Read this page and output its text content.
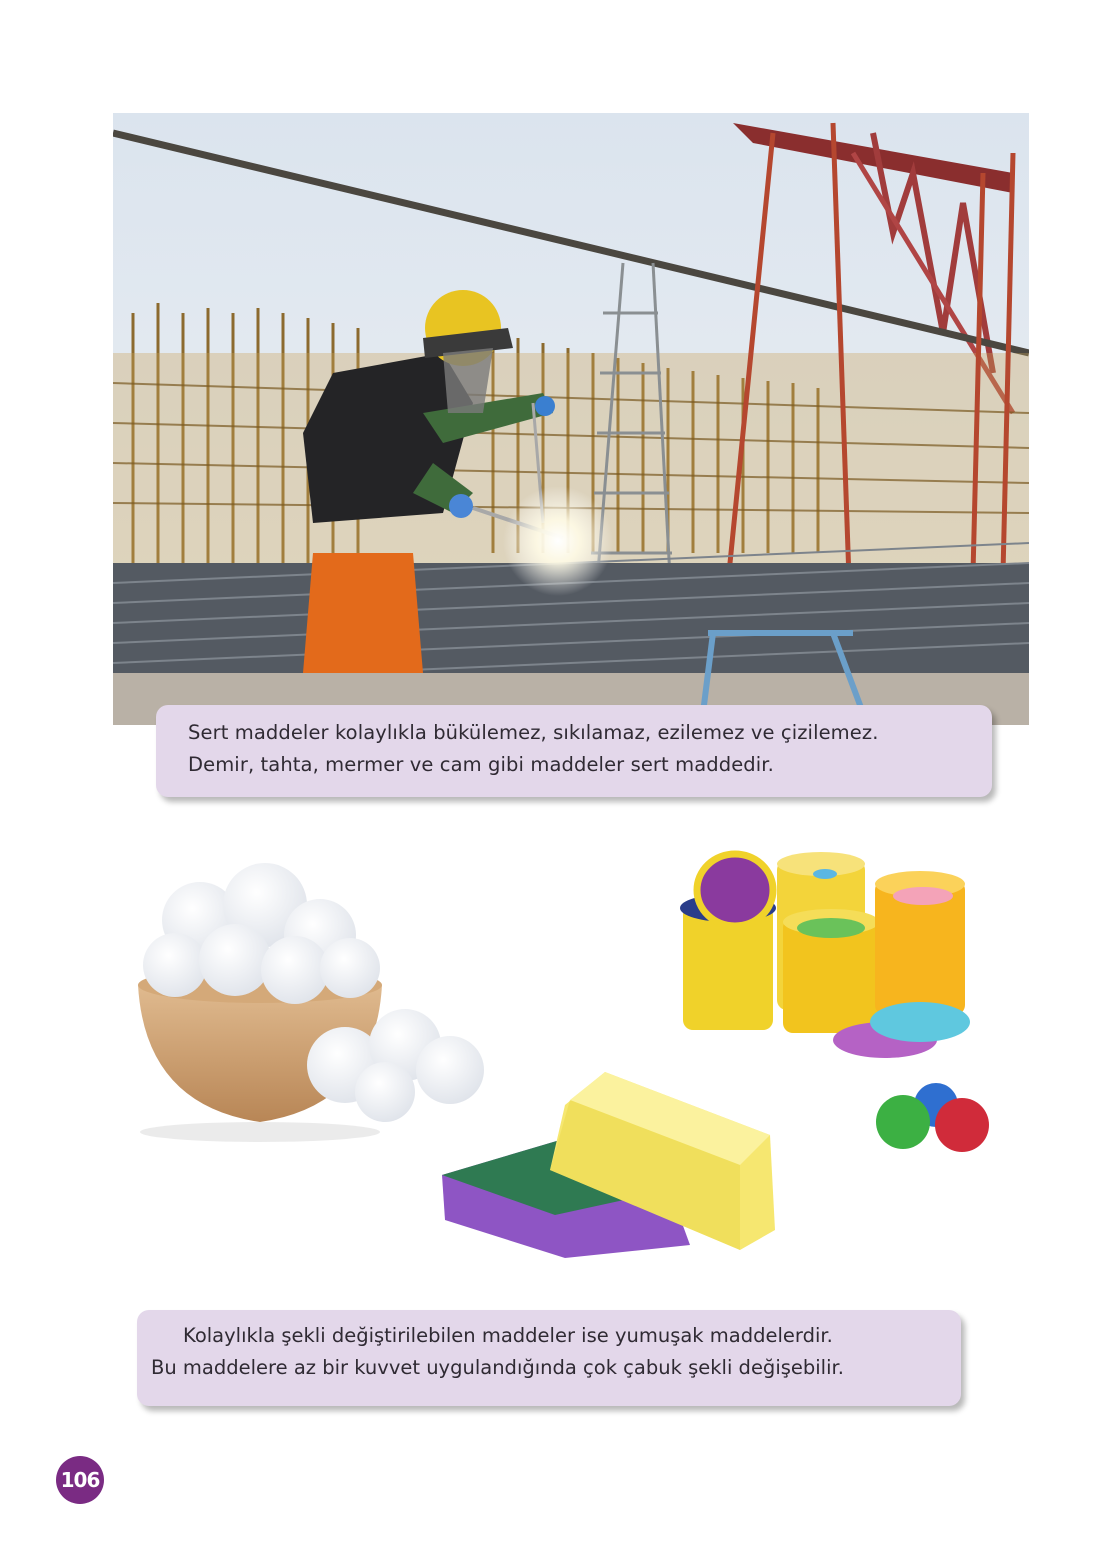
Sert maddeler kolaylıkla bükülemez, sıkılamaz, ezilemez ve çizilemez.
Demir, tahta, mermer ve cam gibi maddeler sert maddedir.
Kolaylıkla şekli değiştirilebilen maddeler ise yumuşak maddelerdir.
Bu maddelere az bir kuvvet uygulandığında çok çabuk şekli değişebilir.
106
